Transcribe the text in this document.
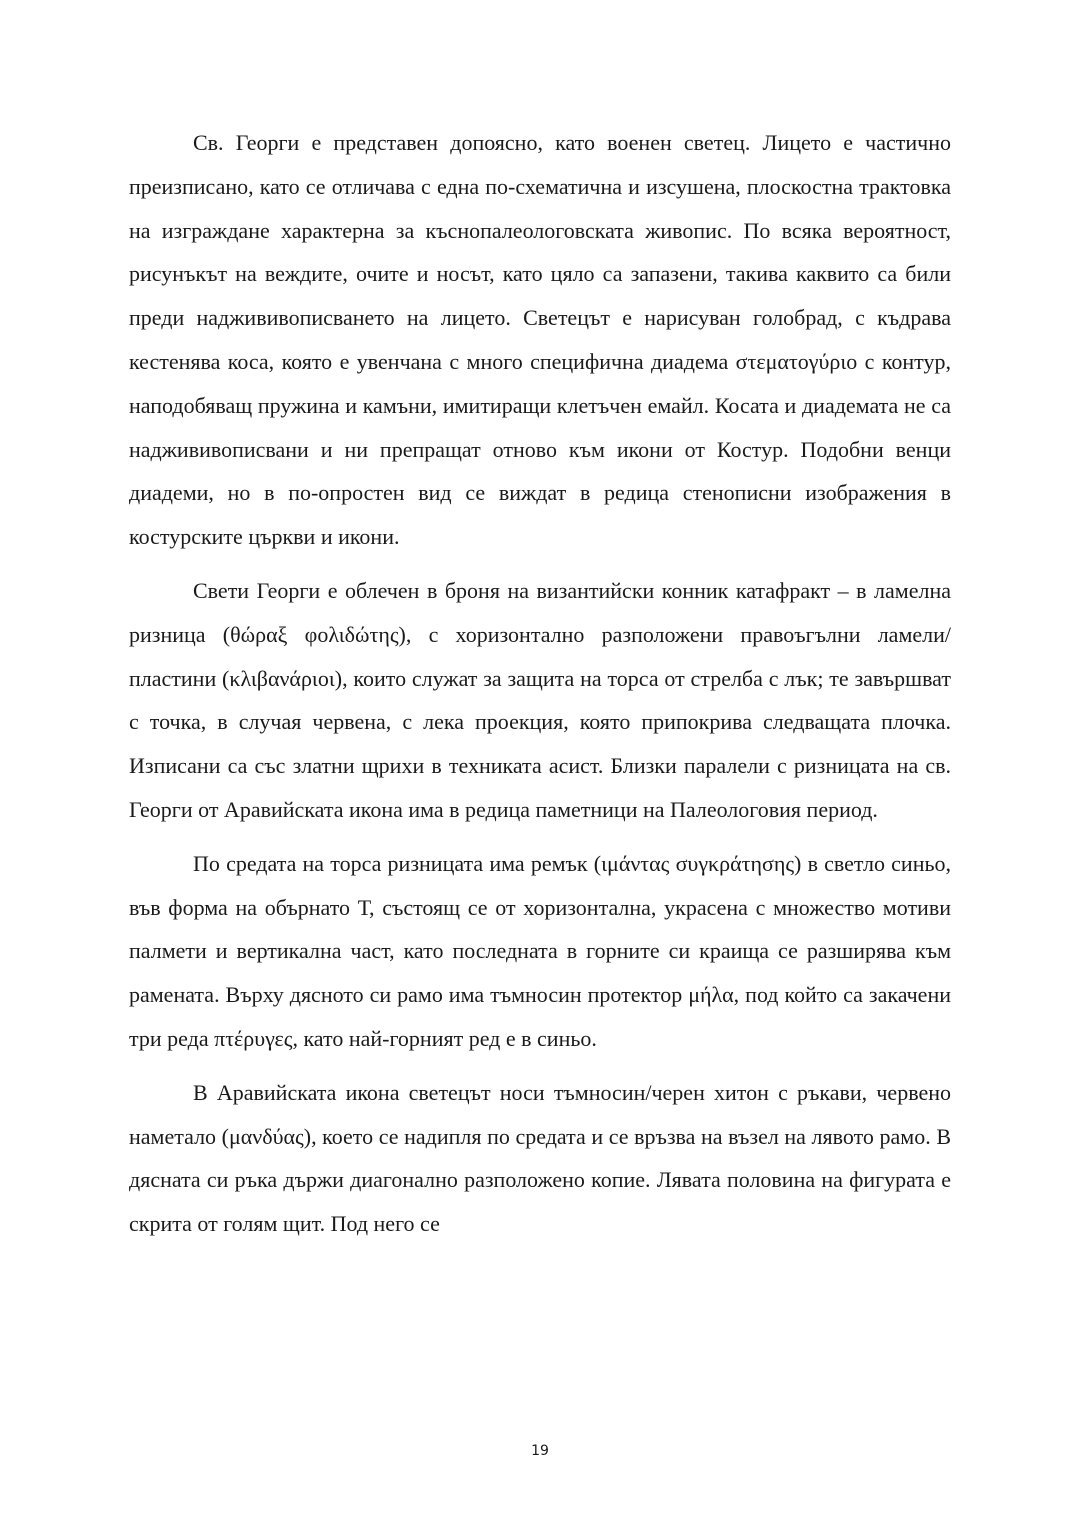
Св. Георги е представен допоясно, като военен светец. Лицето е частично преизписано, като се отличава с една по-схематична и изсушена, плоскостна трактовка на изграждане характерна за къснопалеологовската живопис. По всяка вероятност, рисунъкът на веждите, очите и носът, като цяло са запазени, такива каквито са били преди наджививописването на лицето. Светецът е нарисуван голобрад, с къдрава кестенява коса, която е увенчана с много специфична диадема στεματογύριο с контур, наподобяващ пружина и камъни, имитиращи клетъчен емайл. Косата и диадемата не са наджививописвани и ни препращат отново към икони от Костур. Подобни венци диадеми, но в по-опростен вид се виждат в редица стенописни изображения в костурските църкви и икони.

Свети Георги е облечен в броня на византийски конник катафракт – в ламелна ризница (θώραξ φολιδώτης), с хоризонтално разположени правоъгълни ламели/пластини (κλιβανάριοι), които служат за защита на торса от стрелба с лък; те завършват с точка, в случая червена, с лека проекция, която припокрива следващата плочка. Изписани са със златни щрихи в техниката асист. Близки паралели с ризницата на св. Георги от Аравийската икона има в редица паметници на Палеологовия период.

По средата на торса ризницата има ремък (ιμάντας συγκράτησης) в светло синьо, във форма на обърнато Т, състоящ се от хоризонтална, украсена с множество мотиви палмети и вертикална част, като последната в горните си краища се разширява към рамената. Върху дясното си рамо има тъмносин протектор μήλα, под който са закачени три реда πτέρυγες, като най-горният ред е в синьо.

В Аравийската икона светецът носи тъмносин/черен хитон с ръкави, червено наметало (μανδύας), което се надипля по средата и се връзва на възел на лявото рамо. В дясната си ръка държи диагонално разположено копие. Лявата половина на фигурата е скрита от голям щит. Под него се

19
